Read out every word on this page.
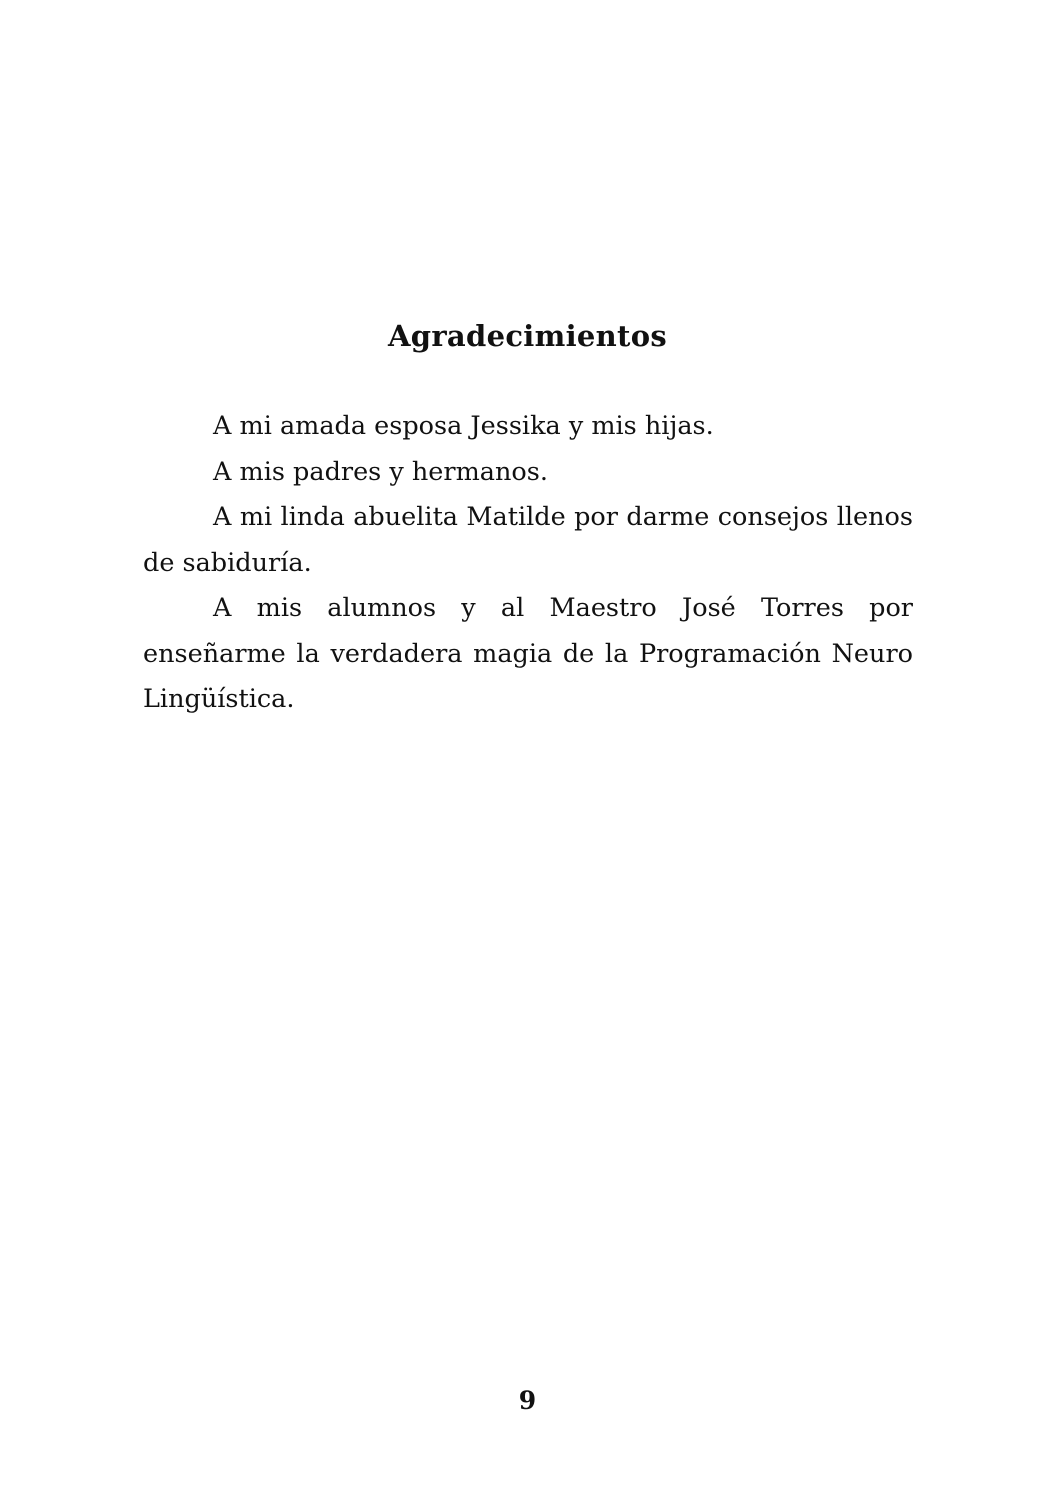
Agradecimientos

A mi amada esposa Jessika y mis hijas.

A mis padres y hermanos.

A mi linda abuelita Matilde por darme consejos llenos de sabiduría.

A mis alumnos y al Maestro José Torres por enseñarme la verdadera magia de la Programación Neuro Lingüística.

9
